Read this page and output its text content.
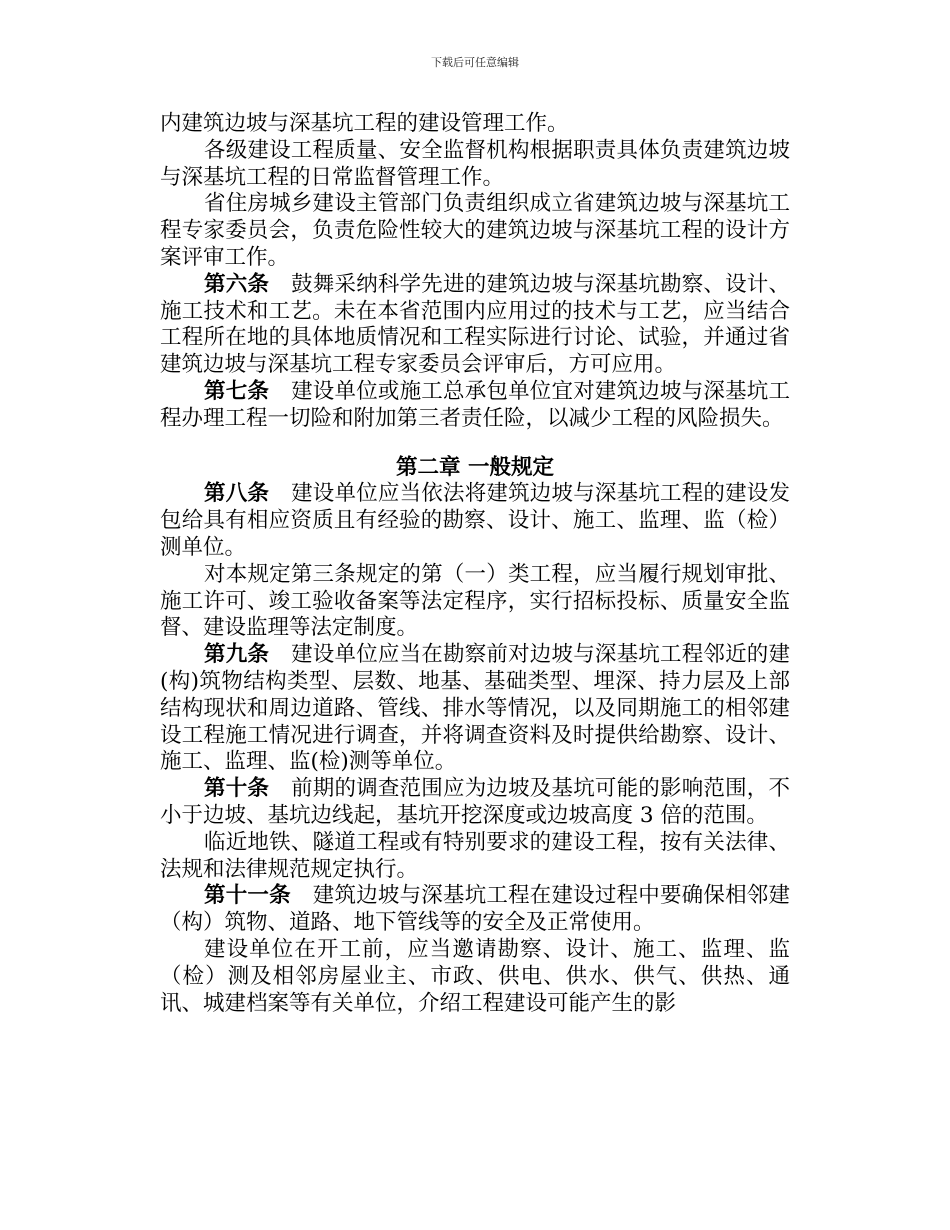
下载后可任意编辑

内建筑边坡与深基坑工程的建设管理工作。

各级建设工程质量、安全监督机构根据职责具体负责建筑边坡与深基坑工程的日常监督管理工作。

省住房城乡建设主管部门负责组织成立省建筑边坡与深基坑工程专家委员会，负责危险性较大的建筑边坡与深基坑工程的设计方案评审工作。

第六条 鼓舞采纳科学先进的建筑边坡与深基坑勘察、设计、施工技术和工艺。未在本省范围内应用过的技术与工艺，应当结合工程所在地的具体地质情况和工程实际进行讨论、试验，并通过省建筑边坡与深基坑工程专家委员会评审后，方可应用。

第七条 建设单位或施工总承包单位宜对建筑边坡与深基坑工程办理工程一切险和附加第三者责任险，以减少工程的风险损失。

第二章 一般规定

第八条 建设单位应当依法将建筑边坡与深基坑工程的建设发包给具有相应资质且有经验的勘察、设计、施工、监理、监（检）测单位。

对本规定第三条规定的第（一）类工程，应当履行规划审批、施工许可、竣工验收备案等法定程序，实行招标投标、质量安全监督、建设监理等法定制度。

第九条 建设单位应当在勘察前对边坡与深基坑工程邻近的建(构)筑物结构类型、层数、地基、基础类型、埋深、持力层及上部结构现状和周边道路、管线、排水等情况，以及同期施工的相邻建设工程施工情况进行调查，并将调查资料及时提供给勘察、设计、施工、监理、监(检)测等单位。

第十条 前期的调查范围应为边坡及基坑可能的影响范围，不小于边坡、基坑边线起，基坑开挖深度或边坡高度 3 倍的范围。

临近地铁、隧道工程或有特别要求的建设工程，按有关法律、法规和法律规范规定执行。

第十一条 建筑边坡与深基坑工程在建设过程中要确保相邻建（构）筑物、道路、地下管线等的安全及正常使用。

建设单位在开工前，应当邀请勘察、设计、施工、监理、监（检）测及相邻房屋业主、市政、供电、供水、供气、供热、通讯、城建档案等有关单位，介绍工程建设可能产生的影
